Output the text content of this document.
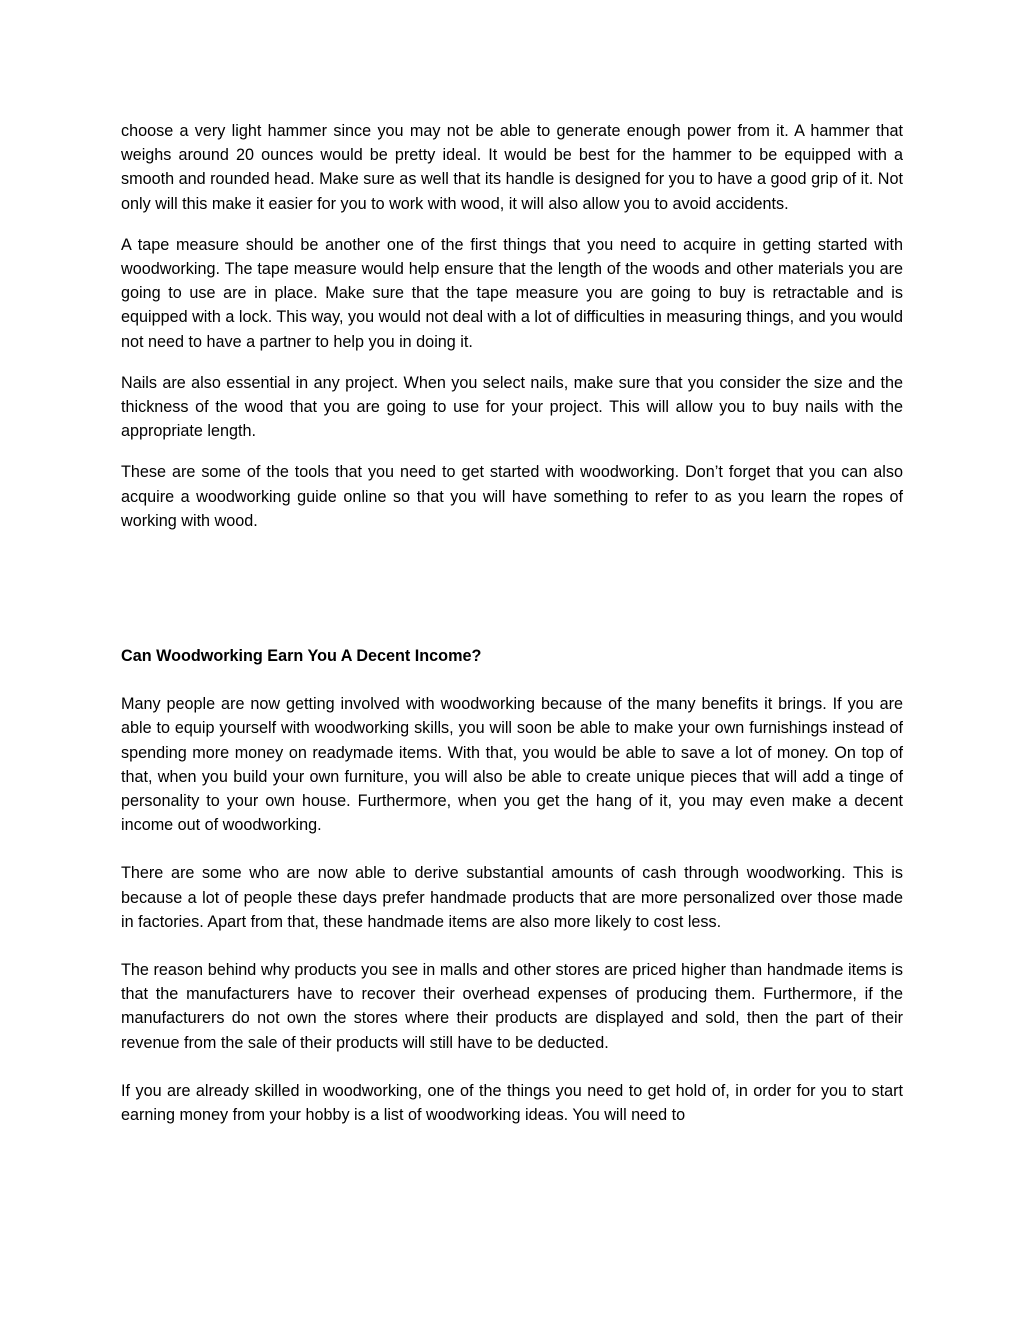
choose a very light hammer since you may not be able to generate enough power from it. A hammer that weighs around 20 ounces would be pretty ideal. It would be best for the hammer to be equipped with a smooth and rounded head. Make sure as well that its handle is designed for you to have a good grip of it. Not only will this make it easier for you to work with wood, it will also allow you to avoid accidents.

A tape measure should be another one of the first things that you need to acquire in getting started with woodworking. The tape measure would help ensure that the length of the woods and other materials you are going to use are in place. Make sure that the tape measure you are going to buy is retractable and is equipped with a lock. This way, you would not deal with a lot of difficulties in measuring things, and you would not need to have a partner to help you in doing it.

Nails are also essential in any project. When you select nails, make sure that you consider the size and the thickness of the wood that you are going to use for your project. This will allow you to buy nails with the appropriate length.

These are some of the tools that you need to get started with woodworking. Don’t forget that you can also acquire a woodworking guide online so that you will have something to refer to as you learn the ropes of working with wood.

Can Woodworking Earn You A Decent Income?

Many people are now getting involved with woodworking because of the many benefits it brings. If you are able to equip yourself with woodworking skills, you will soon be able to make your own furnishings instead of spending more money on readymade items. With that, you would be able to save a lot of money. On top of that, when you build your own furniture, you will also be able to create unique pieces that will add a tinge of personality to your own house. Furthermore, when you get the hang of it, you may even make a decent income out of woodworking.

There are some who are now able to derive substantial amounts of cash through woodworking. This is because a lot of people these days prefer handmade products that are more personalized over those made in factories. Apart from that, these handmade items are also more likely to cost less.

The reason behind why products you see in malls and other stores are priced higher than handmade items is that the manufacturers have to recover their overhead expenses of producing them. Furthermore, if the manufacturers do not own the stores where their products are displayed and sold, then the part of their revenue from the sale of their products will still have to be deducted.

If you are already skilled in woodworking, one of the things you need to get hold of, in order for you to start earning money from your hobby is a list of woodworking ideas. You will need to
